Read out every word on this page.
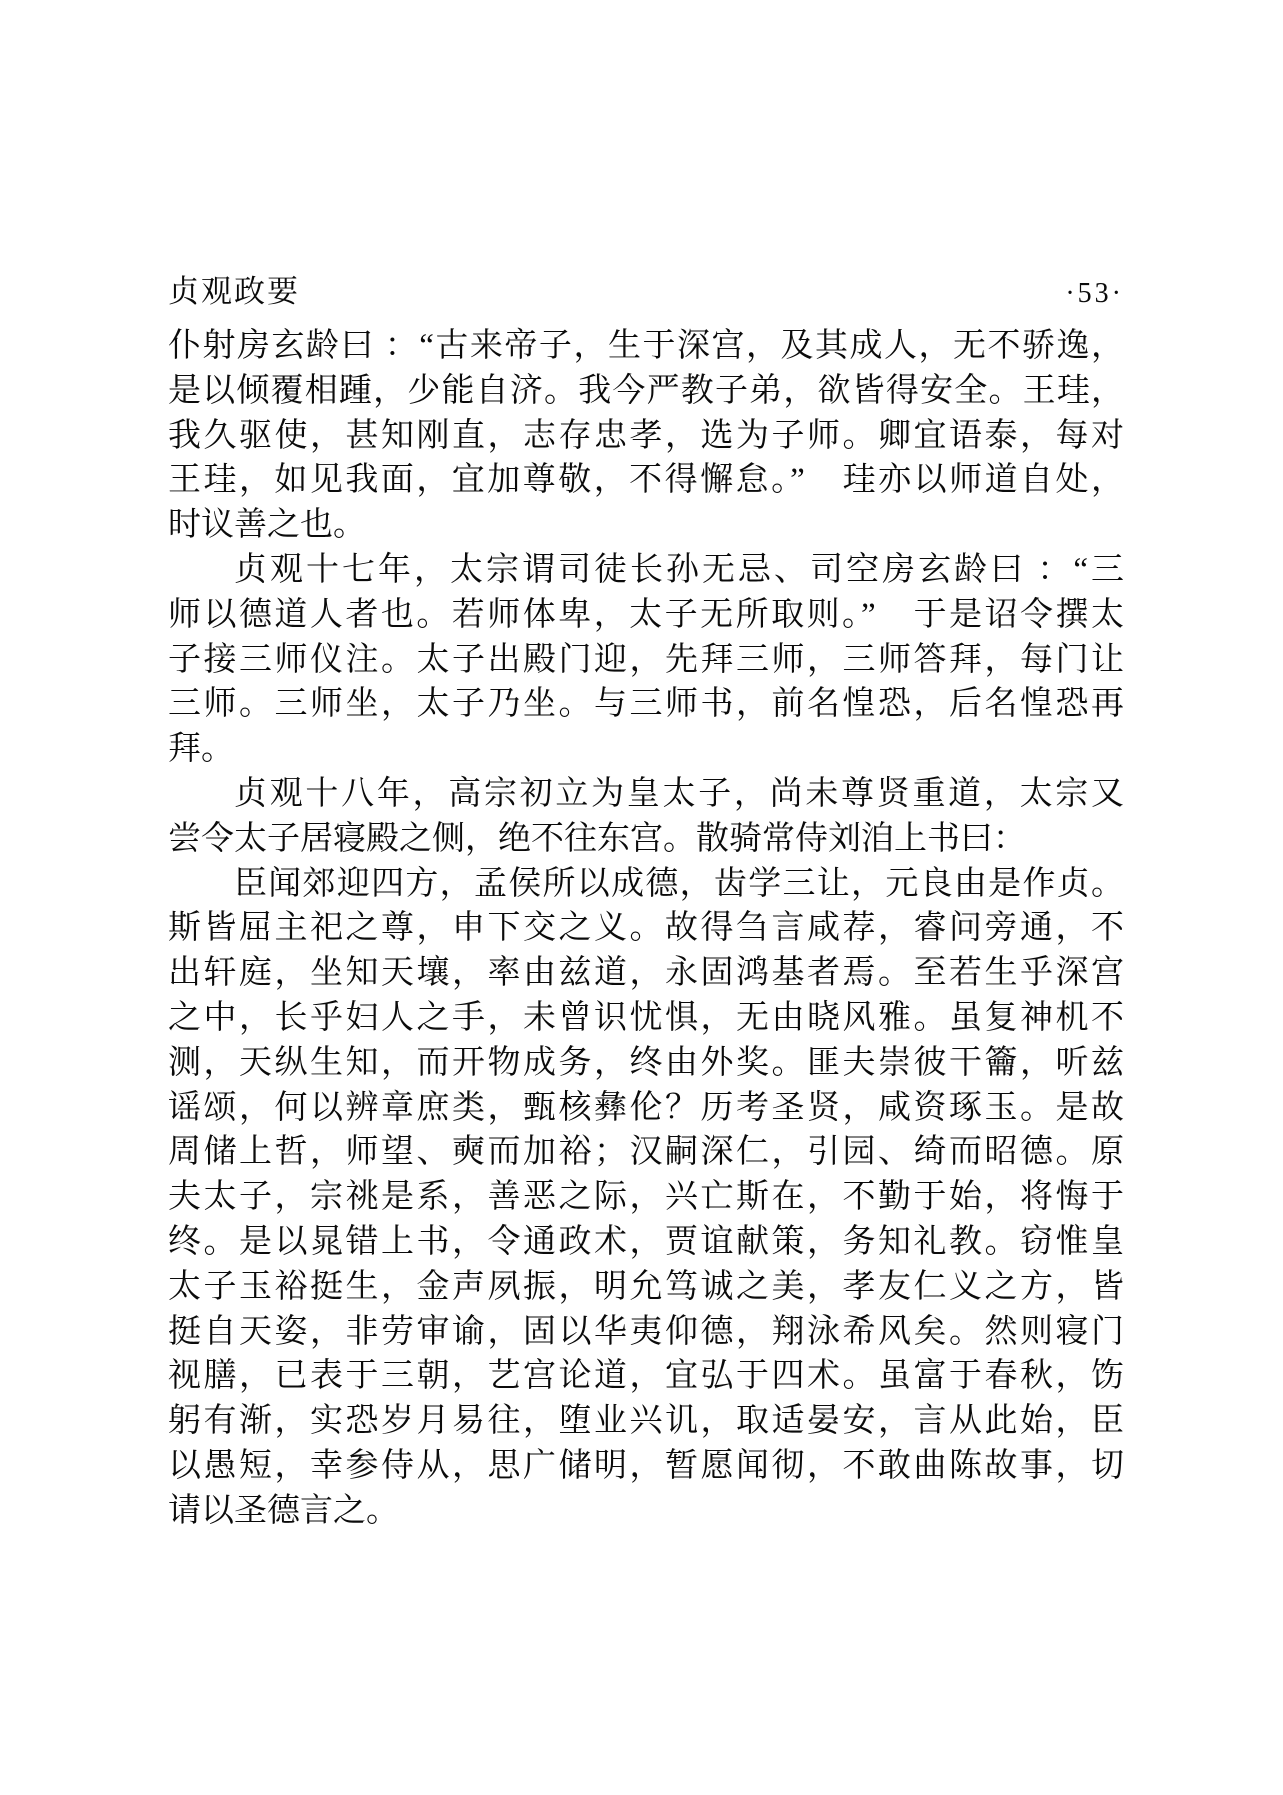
贞观政要	·53·
仆射房玄龄曰 ：“古来帝子，生于深宫，及其成人，无不骄逸，
是以倾覆相踵，少能自济。我今严教子弟，欲皆得安全。王珪，
我久驱使，甚知刚直，志存忠孝，选为子师。卿宜语泰，每对
王珪，如见我面，宜加尊敬，不得懈怠。”　珪亦以师道自处，
时议善之也。
贞观十七年，太宗谓司徒长孙无忌、司空房玄龄曰 ：“三
师以德道人者也。若师体卑，太子无所取则。”　于是诏令撰太
子接三师仪注。太子出殿门迎，先拜三师，三师答拜，每门让
三师。三师坐，太子乃坐。与三师书，前名惶恐，后名惶恐再
拜。
贞观十八年，高宗初立为皇太子，尚未尊贤重道，太宗又
尝令太子居寝殿之侧，绝不往东宫。散骑常侍刘洎上书曰：
臣闻郊迎四方，孟侯所以成德，齿学三让，元良由是作贞。
斯皆屈主祀之尊，申下交之义。故得刍言咸荐，睿问旁通，不
出轩庭，坐知天壤，率由兹道，永固鸿基者焉。至若生乎深宫
之中，长乎妇人之手，未曾识忧惧，无由晓风雅。虽复神机不
测，天纵生知，而开物成务，终由外奖。匪夫崇彼干籥，听兹
谣颂，何以辨章庶类，甄核彝伦？历考圣贤，咸资琢玉。是故
周储上哲，师望、奭而加裕；汉嗣深仁，引园、绮而昭德。原
夫太子，宗祧是系，善恶之际，兴亡斯在，不勤于始，将悔于
终。是以晁错上书，令通政术，贾谊献策，务知礼教。窃惟皇
太子玉裕挺生，金声夙振，明允笃诚之美，孝友仁义之方，皆
挺自天姿，非劳审谕，固以华夷仰德，翔泳希风矣。然则寝门
视膳，已表于三朝，艺宫论道，宜弘于四术。虽富于春秋，饬
躬有渐，实恐岁月易往，堕业兴讥，取适晏安，言从此始，臣
以愚短，幸参侍从，思广储明，暂愿闻彻，不敢曲陈故事，切
请以圣德言之。
